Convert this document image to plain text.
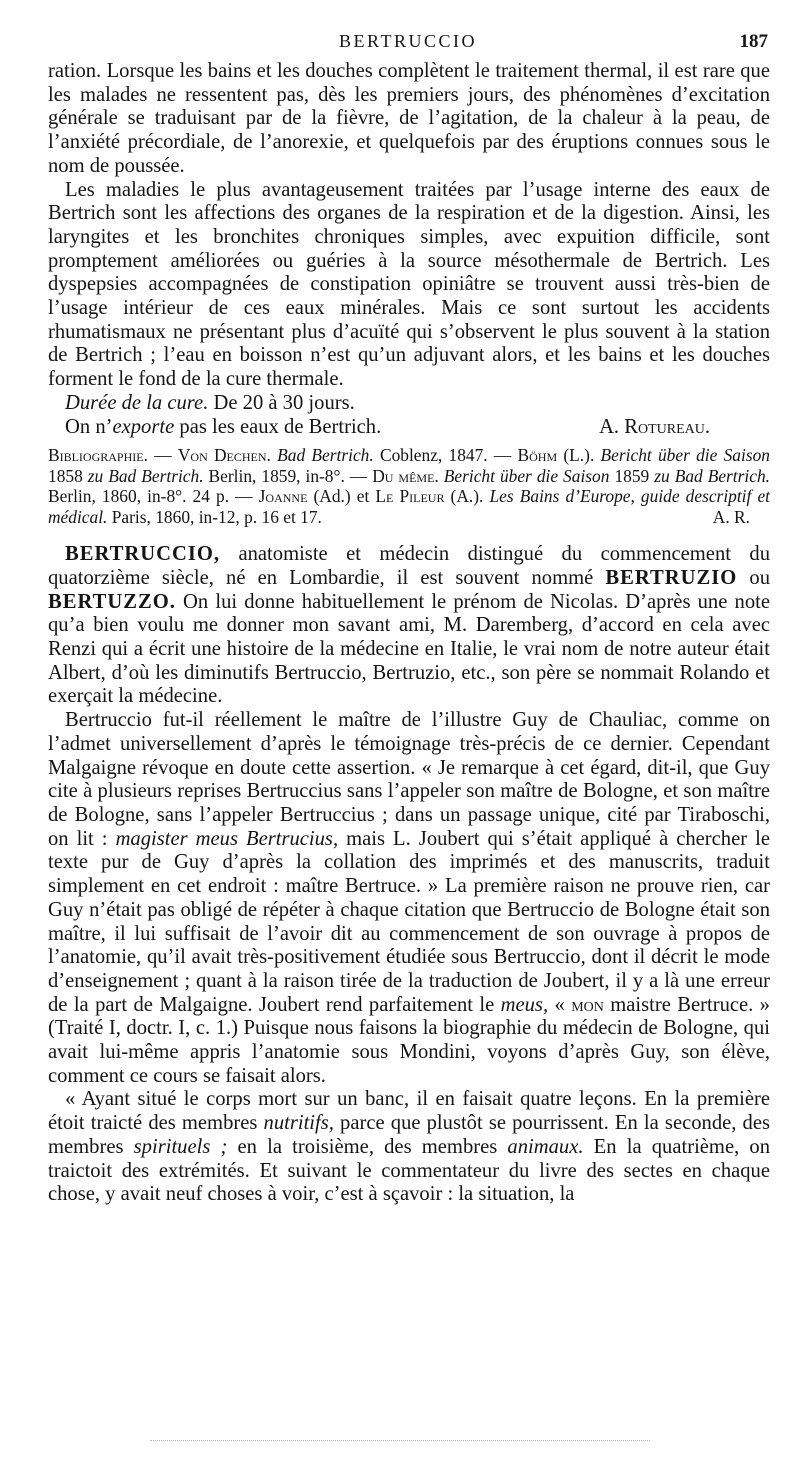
BERTRUCCIO	187

ration. Lorsque les bains et les douches complètent le traitement thermal, il est rare que les malades ne ressentent pas, dès les premiers jours, des phénomènes d’excitation générale se traduisant par de la fièvre, de l’agitation, de la chaleur à la peau, de l’anxiété précordiale, de l’anorexie, et quelquefois par des éruptions connues sous le nom de poussée.

Les maladies le plus avantageusement traitées par l’usage interne des eaux de Bertrich sont les affections des organes de la respiration et de la digestion. Ainsi, les laryngites et les bronchites chroniques simples, avec expuition difficile, sont promptement améliorées ou guéries à la source mésothermale de Bertrich. Les dyspepsies accompagnées de constipation opiniâtre se trouvent aussi très-bien de l’usage intérieur de ces eaux minérales. Mais ce sont surtout les accidents rhumatismaux ne présentant plus d’acuïté qui s’observent le plus souvent à la station de Bertrich ; l’eau en boisson n’est qu’un adjuvant alors, et les bains et les douches forment le fond de la cure thermale.

Durée de la cure. De 20 à 30 jours.

On n’exporte pas les eaux de Bertrich.	A. Rotureau.

Bibliographie. — Von Dechen. Bad Bertrich. Coblenz, 1847. — Böhm (L.). Bericht über die Saison 1858 zu Bad Bertrich. Berlin, 1859, in-8°. — Du même. Bericht über die Saison 1859 zu Bad Bertrich. Berlin, 1860, in-8°. 24 p. — Joanne (Ad.) et Le Pileur (A.). Les Bains d’Europe, guide descriptif et médical. Paris, 1860, in-12, p. 16 et 17.	A. R.

BERTRUCCIO, anatomiste et médecin distingué du commencement du quatorzième siècle, né en Lombardie, il est souvent nommé BERTRUZIO ou BERTUZZO. On lui donne habituellement le prénom de Nicolas. D’après une note qu’a bien voulu me donner mon savant ami, M. Daremberg, d’accord en cela avec Renzi qui a écrit une histoire de la médecine en Italie, le vrai nom de notre auteur était Albert, d’où les diminutifs Bertruccio, Bertruzio, etc., son père se nommait Rolando et exerçait la médecine.

Bertruccio fut-il réellement le maître de l’illustre Guy de Chauliac, comme on l’admet universellement d’après le témoignage très-précis de ce dernier. Cependant Malgaigne révoque en doute cette assertion. « Je remarque à cet égard, dit-il, que Guy cite à plusieurs reprises Bertruccius sans l’appeler son maître de Bologne, et son maître de Bologne, sans l’appeler Bertruccius ; dans un passage unique, cité par Tiraboschi, on lit : magister meus Bertrucius, mais L. Joubert qui s’était appliqué à chercher le texte pur de Guy d’après la collation des imprimés et des manuscrits, traduit simplement en cet endroit : maître Bertruce. » La première raison ne prouve rien, car Guy n’était pas obligé de répéter à chaque citation que Bertruccio de Bologne était son maître, il lui suffisait de l’avoir dit au commencement de son ouvrage à propos de l’anatomie, qu’il avait très-positivement étudiée sous Bertruccio, dont il décrit le mode d’enseignement ; quant à la raison tirée de la traduction de Joubert, il y a là une erreur de la part de Malgaigne. Joubert rend parfaitement le meus, « mon maistre Bertruce. » (Traité I, doctr. I, c. 1.) Puisque nous faisons la biographie du médecin de Bologne, qui avait lui-même appris l’anatomie sous Mondini, voyons d’après Guy, son élève, comment ce cours se faisait alors.

« Ayant situé le corps mort sur un banc, il en faisait quatre leçons. En la première étoit traicté des membres nutritifs, parce que plustôt se pourrissent. En la seconde, des membres spirituels ; en la troisième, des membres animaux. En la quatrième, on traictoit des extrémités. Et suivant le commentateur du livre des sectes en chaque chose, y avait neuf choses à voir, c’est à sçavoir : la situation, la
